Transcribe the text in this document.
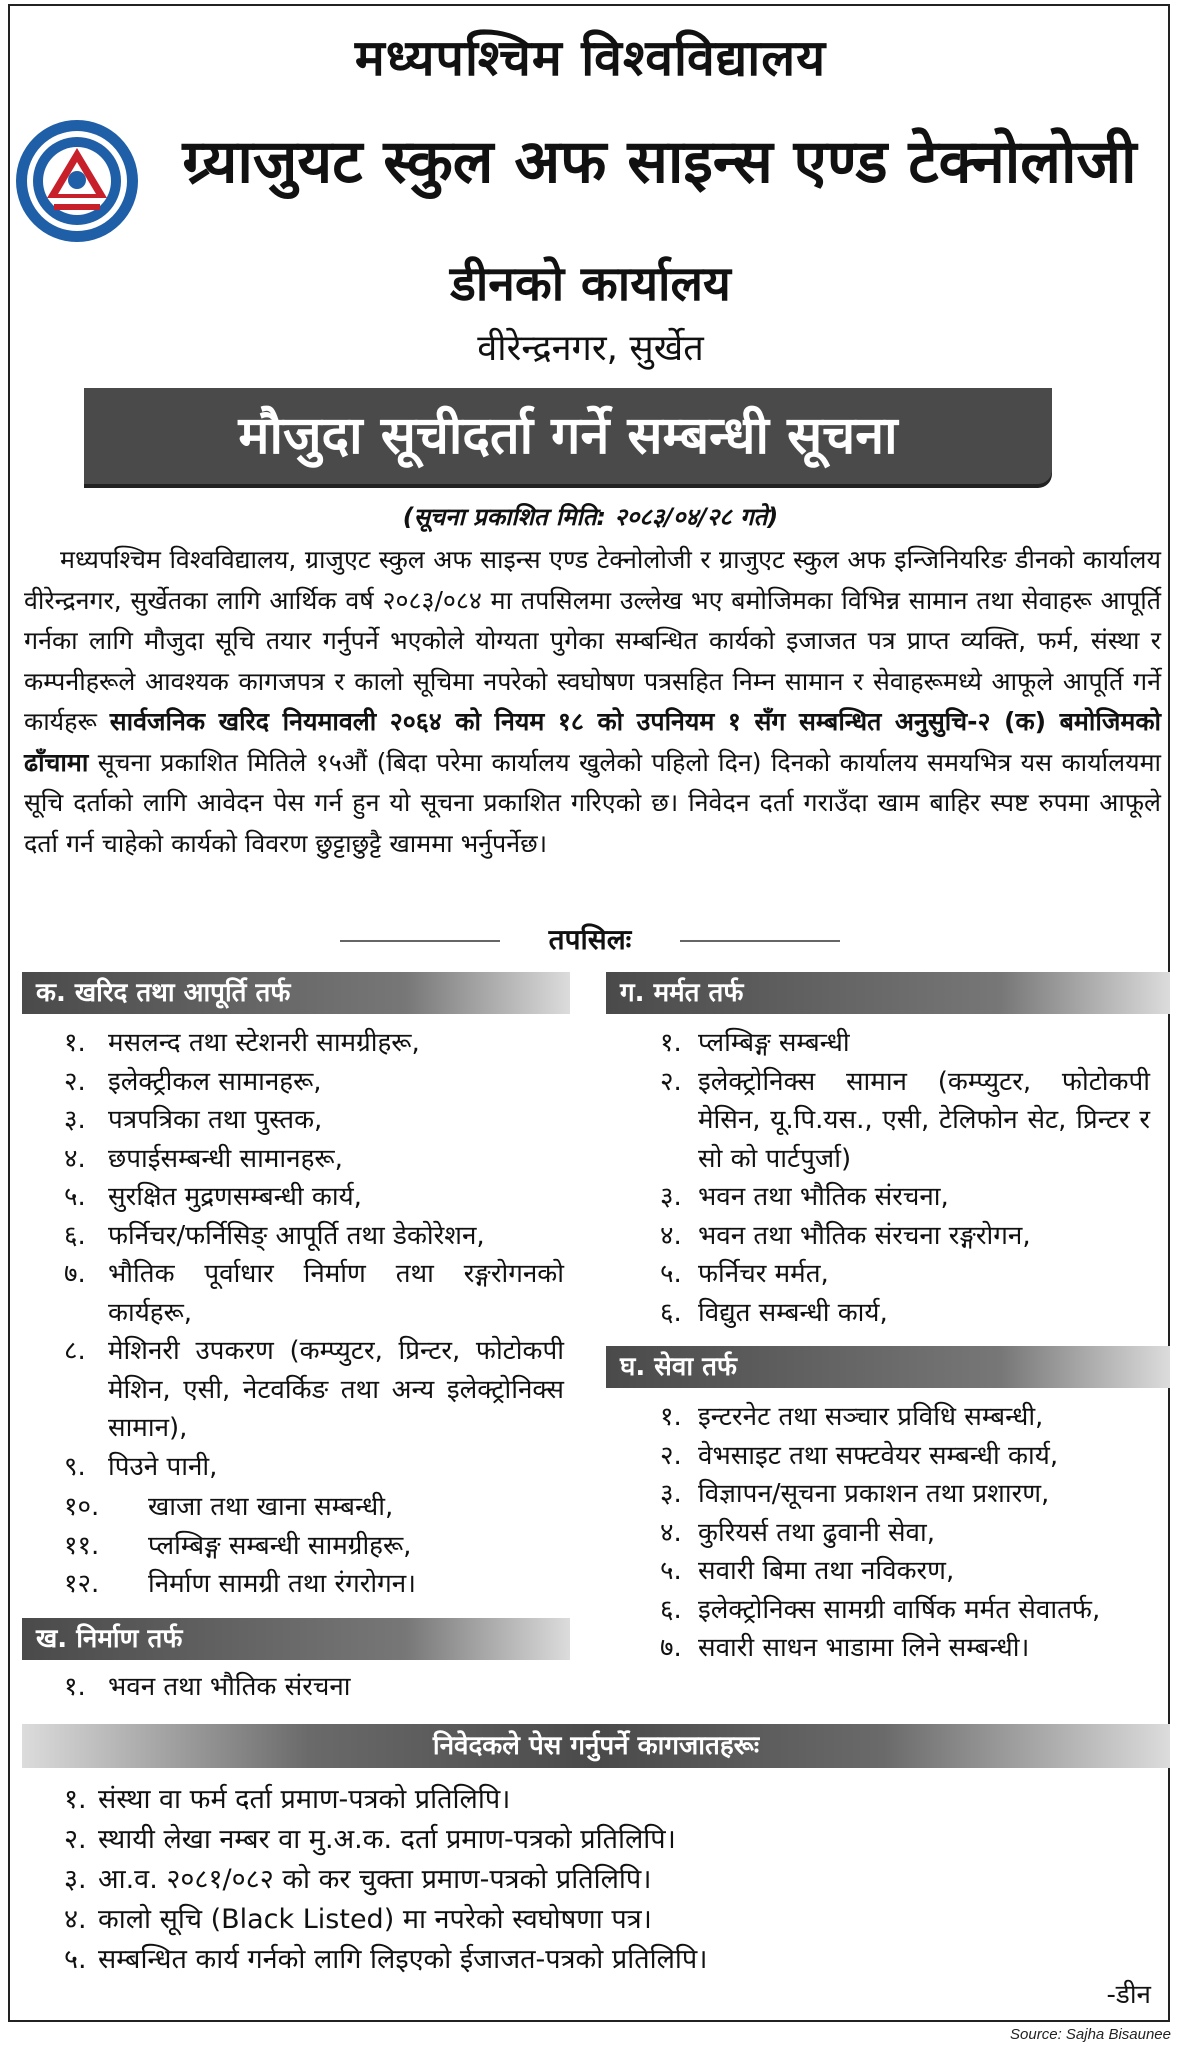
मध्यपश्चिम विश्वविद्यालय
ग्र्याजुयट स्कुल अफ साइन्स एण्ड टेक्नोलोजी
डीनको कार्यालय
वीरेन्द्रनगर, सुर्खेत
मौजुदा सूचीदर्ता गर्ने सम्बन्धी सूचना
(सूचना प्रकाशित मिति: २०८३/०४/२८ गते)
मध्यपश्चिम विश्वविद्यालय, ग्राजुएट स्कुल अफ साइन्स एण्ड टेक्नोलोजी र ग्राजुएट स्कुल अफ इन्जिनियरिङ डीनको कार्यालय वीरेन्द्रनगर, सुर्खेतका लागि आर्थिक वर्ष २०८३/०८४ मा तपसिलमा उल्लेख भए बमोजिमका विभिन्न सामान तथा सेवाहरू आपूर्ति गर्नका लागि मौजुदा सूचि तयार गर्नुपर्ने भएकोले योग्यता पुगेका सम्बन्धित कार्यको इजाजत पत्र प्राप्त व्यक्ति, फर्म, संस्था र कम्पनीहरूले आवश्यक कागजपत्र र कालो सूचिमा नपरेको स्वघोषण पत्रसहित निम्न सामान र सेवाहरूमध्ये आफूले आपूर्ति गर्ने कार्यहरू सार्वजनिक खरिद नियमावली २०६४ को नियम १८ को उपनियम १ सँग सम्बन्धित अनुसुचि-२ (क) बमोजिमको ढाँचामा सूचना प्रकाशित मितिले १५औं (बिदा परेमा कार्यालय खुलेको पहिलो दिन) दिनको कार्यालय समयभित्र यस कार्यालयमा सूचि दर्ताको लागि आवेदन पेस गर्न हुन यो सूचना प्रकाशित गरिएको छ। निवेदन दर्ता गराउँदा खाम बाहिर स्पष्ट रुपमा आफूले दर्ता गर्न चाहेको कार्यको विवरण छुट्टाछुट्टै खाममा भर्नुपर्नेछ।
तपसिलः
क. खरिद तथा आपूर्ति तर्फ
१. मसलन्द तथा स्टेशनरी सामग्रीहरू,
२. इलेक्ट्रीकल सामानहरू,
३. पत्रपत्रिका तथा पुस्तक,
४. छपाईसम्बन्धी सामानहरू,
५. सुरक्षित मुद्रणसम्बन्धी कार्य,
६. फर्निचर/फर्निसिङ् आपूर्ति तथा डेकोरेशन,
७. भौतिक पूर्वाधार निर्माण तथा रङ्गरोगनको कार्यहरू,
८. मेशिनरी उपकरण (कम्प्युटर, प्रिन्टर, फोटोकपी मेशिन, एसी, नेटवर्किङ तथा अन्य इलेक्ट्रोनिक्स सामान),
९. पिउने पानी,
१०.	खाजा तथा खाना सम्बन्धी,
११.	प्लम्बिङ्ग सम्बन्धी सामग्रीहरू,
१२.	निर्माण सामग्री तथा रंगरोगन।
ख. निर्माण तर्फ
१. भवन तथा भौतिक संरचना
ग. मर्मत तर्फ
१. प्लम्बिङ्ग सम्बन्धी
२. इलेक्ट्रोनिक्स सामान (कम्प्युटर, फोटोकपी मेसिन, यू.पि.यस., एसी, टेलिफोन सेट, प्रिन्टर र सो को पार्टपुर्जा)
३. भवन तथा भौतिक संरचना,
४. भवन तथा भौतिक संरचना रङ्गरोगन,
५. फर्निचर मर्मत,
६. विद्युत सम्बन्धी कार्य,
घ. सेवा तर्फ
१. इन्टरनेट तथा सञ्चार प्रविधि सम्बन्धी,
२. वेभसाइट तथा सफ्टवेयर सम्बन्धी कार्य,
३. विज्ञापन/सूचना प्रकाशन तथा प्रशारण,
४. कुरियर्स तथा ढुवानी सेवा,
५. सवारी बिमा तथा नविकरण,
६. इलेक्ट्रोनिक्स सामग्री वार्षिक मर्मत सेवातर्फ,
७. सवारी साधन भाडामा लिने सम्बन्धी।
निवेदकले पेस गर्नुपर्ने कागजातहरूः
१. संस्था वा फर्म दर्ता प्रमाण-पत्रको प्रतिलिपि।
२. स्थायी लेखा नम्बर वा मु.अ.क. दर्ता प्रमाण-पत्रको प्रतिलिपि।
३. आ.व. २०८१/०८२ को कर चुक्ता प्रमाण-पत्रको प्रतिलिपि।
४. कालो सूचि (Black Listed) मा नपरेको स्वघोषणा पत्र।
५. सम्बन्धित कार्य गर्नको लागि लिइएको ईजाजत-पत्रको प्रतिलिपि।
-डीन
Source: Sajha Bisaunee
